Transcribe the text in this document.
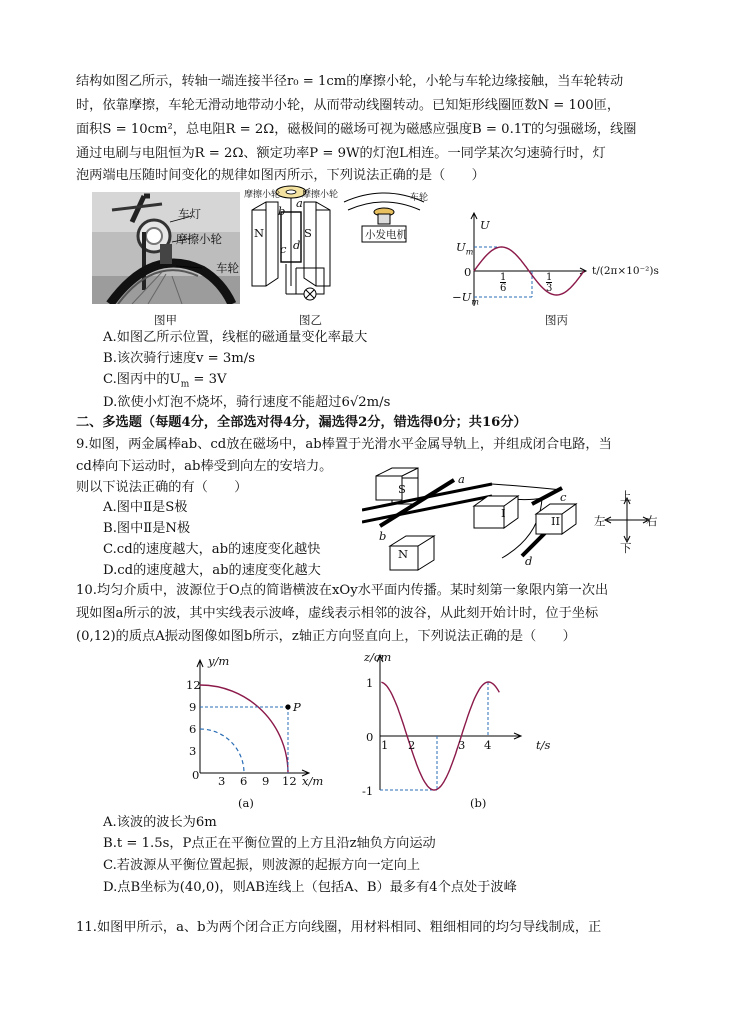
结构如图乙所示，转轴一端连接半径r₀ = 1cm的摩擦小轮，小轮与车轮边缘接触，当车轮转动
时，依靠摩擦，车轮无滑动地带动小轮，从而带动线圈转动。已知矩形线圈匝数N = 100匝，
面积S = 10cm²，总电阻R = 2Ω，磁极间的磁场可视为磁感应强度B = 0.1T的匀强磁场，线圈
通过电刷与电阻恒为R = 2Ω、额定功率P = 9W的灯泡L相连。一同学某次匀速骑行时，灯
泡两端电压随时间变化的规律如图丙所示，下列说法正确的是（　　）
车灯
摩擦小轮
车轮
图甲
摩擦小轮 摩擦小轮	车轮
小发电机
N	S
a
b
c d
图乙
U
$U_m$
0
$-U_m$
1
6
1
3
t/(2π×10⁻²)s
图丙
A.如图乙所示位置，线框的磁通量变化率最大
B.该次骑行速度v = 3m/s
C.图丙中的$U_m = 3V$
D.欲使小灯泡不烧坏，骑行速度不能超过6√2m/s
二、多选题（每题4分，全部选对得4分，漏选得2分，错选得0分；共16分）
9.如图，两金属棒ab、cd放在磁场中，ab棒置于光滑水平金属导轨上，并组成闭合电路，当
cd棒向下运动时，ab棒受到向左的安培力。
则以下说法正确的有（　　）
A.图中Ⅱ是S极
B.图中Ⅱ是N极
C.cd的速度越大，ab的速度变化越快
D.cd的速度越大，ab的速度变化越大
S
N
I
II
a
b
c
d
上
下
左	右
10.均匀介质中，波源位于O点的简谐横波在xOy水平面内传播。某时刻第一象限内第一次出
现如图a所示的波，其中实线表示波峰，虚线表示相邻的波谷，从此刻开始计时，位于坐标
(0,12)的质点A振动图像如图b所示，z轴正方向竖直向上，下列说法正确的是（　　）
y/m
12
9
6
3
0 3 6 9 12 x/m
P
(a)
z/cm
1
0
-1
1 2	3 4	t/s
(b)
A.该波的波长为6m
B.t = 1.5s，P点正在平衡位置的上方且沿z轴负方向运动
C.若波源从平衡位置起振，则波源的起振方向一定向上
D.点B坐标为(40,0)，则AB连线上（包括A、B）最多有4个点处于波峰
11.如图甲所示，a、b为两个闭合正方向线圈，用材料相同、粗细相同的均匀导线制成，正
